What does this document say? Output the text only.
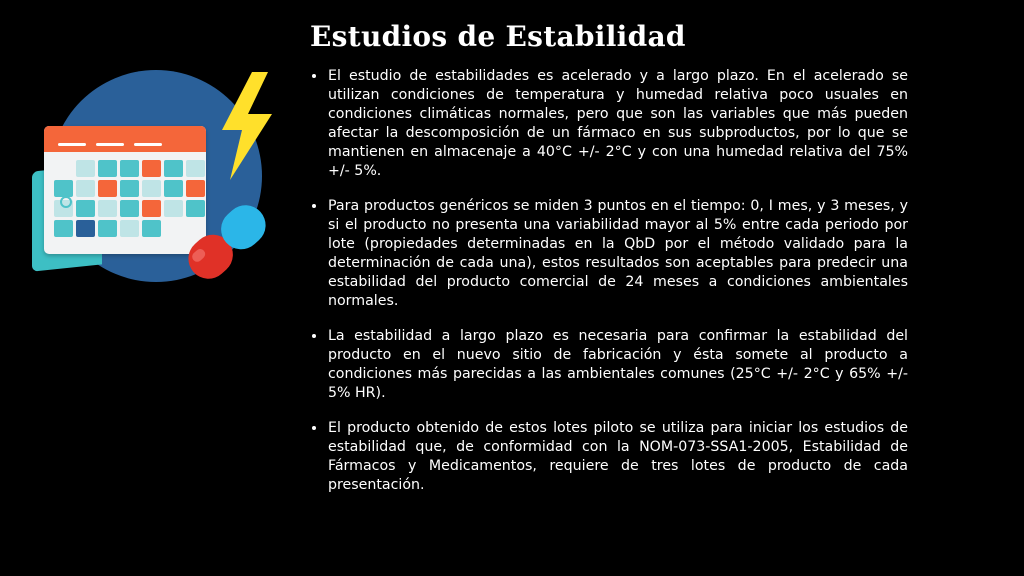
Estudios de Estabilidad
El estudio de estabilidades es acelerado y a largo plazo. En el acelerado se utilizan condiciones de temperatura y humedad relativa poco usuales en condiciones climáticas normales, pero que son las variables que más pueden afectar la descomposición de un fármaco en sus subproductos, por lo que se mantienen en almacenaje a 40°C +/- 2°C y con una humedad relativa del 75% +/- 5%.
Para productos genéricos se miden 3 puntos en el tiempo: 0, I mes, y 3 meses, y si el producto no presenta una variabilidad mayor al 5% entre cada periodo por lote (propiedades determinadas en la QbD por el método validado para la determinación de cada una), estos resultados son aceptables para predecir una estabilidad del producto comercial de 24 meses a condiciones ambientales normales.
La estabilidad a largo plazo es necesaria para confirmar la estabilidad del producto en el nuevo sitio de fabricación y ésta somete al producto a condiciones más parecidas a las ambientales comunes (25°C +/- 2°C y 65% +/- 5% HR).
El producto obtenido de estos lotes piloto se utiliza para iniciar los estudios de estabilidad que, de conformidad con la NOM-073-SSA1-2005, Estabilidad de Fármacos y Medicamentos, requiere de tres lotes de producto de cada presentación.
